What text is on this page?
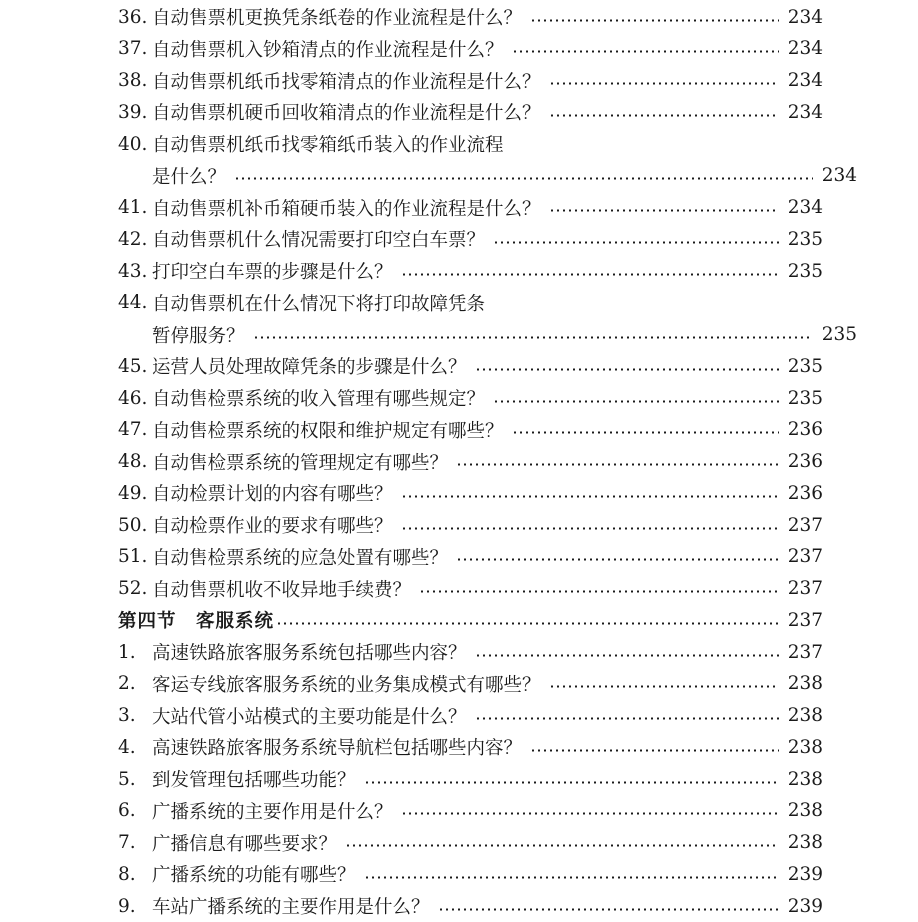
36. 自动售票机更换凭条纸卷的作业流程是什么？	234
37. 自动售票机入钞箱清点的作业流程是什么？	234
38. 自动售票机纸币找零箱清点的作业流程是什么？	234
39. 自动售票机硬币回收箱清点的作业流程是什么？	234
40. 自动售票机纸币找零箱纸币装入的作业流程
是什么？	234
41. 自动售票机补币箱硬币装入的作业流程是什么？	234
42. 自动售票机什么情况需要打印空白车票？	235
43. 打印空白车票的步骤是什么？	235
44. 自动售票机在什么情况下将打印故障凭条
暂停服务？	235
45. 运营人员处理故障凭条的步骤是什么？	235
46. 自动售检票系统的收入管理有哪些规定？	235
47. 自动售检票系统的权限和维护规定有哪些？	236
48. 自动售检票系统的管理规定有哪些？	236
49. 自动检票计划的内容有哪些？	236
50. 自动检票作业的要求有哪些？	237
51. 自动售检票系统的应急处置有哪些？	237
52. 自动售票机收不收异地手续费？	237
第四节　客服系统	237
1. 高速铁路旅客服务系统包括哪些内容？	237
2. 客运专线旅客服务系统的业务集成模式有哪些？	238
3. 大站代管小站模式的主要功能是什么？	238
4. 高速铁路旅客服务系统导航栏包括哪些内容？	238
5. 到发管理包括哪些功能？	238
6. 广播系统的主要作用是什么？	238
7. 广播信息有哪些要求？	238
8. 广播系统的功能有哪些？	239
9. 车站广播系统的主要作用是什么？	239
